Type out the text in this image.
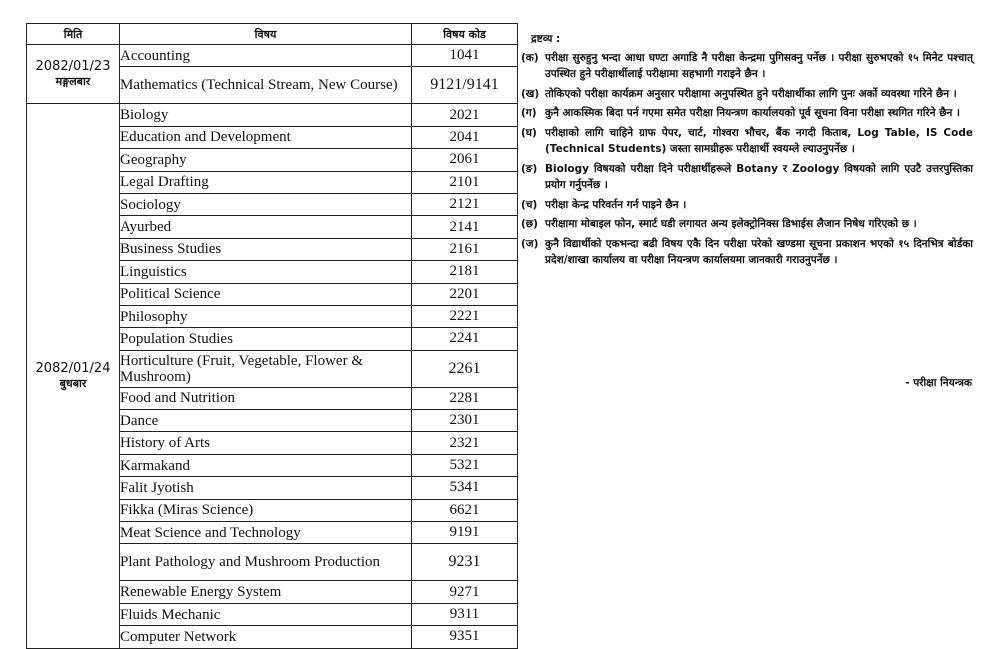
मिति	विषय	विषय कोड

2082/01/23
मङ्गलबार	Accounting	1041
	Mathematics (Technical Stream, New Course)	9121/9141

2082/01/24
बुधबार	Biology	2021
	Education and Development	2041
	Geography	2061
	Legal Drafting	2101
	Sociology	2121
	Ayurbed	2141
	Business Studies	2161
	Linguistics	2181
	Political Science	2201
	Philosophy	2221
	Population Studies	2241
	Horticulture (Fruit, Vegetable, Flower & Mushroom)	2261
	Food and Nutrition	2281
	Dance	2301
	History of Arts	2321
	Karmakand	5321
	Falit Jyotish	5341
	Fikka (Miras Science)	6621
	Meat Science and Technology	9191
	Plant Pathology and Mushroom Production	9231
	Renewable Energy System	9271
	Fluids Mechanic	9311
	Computer Network	9351
द्रष्टव्य :
(क) परीक्षा सुरुहुनु भन्दा आधा घण्टा अगाडि नै परीक्षा केन्द्रमा पुगिसक्नु पर्नेछ । परीक्षा सुरुभएको १५ मिनेट पश्चात् उपस्थित हुने परीक्षार्थीलाई परीक्षामा सहभागी गराइने छैन ।
(ख) तोकिएको परीक्षा कार्यक्रम अनुसार परीक्षामा अनुपस्थित हुने परीक्षार्थीका लागि पुनः अर्को व्यवस्था गरिने छैन ।
(ग) कुनै आकस्मिक बिदा पर्न गएमा समेत परीक्षा नियन्त्रण कार्यालयको पूर्व सूचना विना परीक्षा स्थगित गरिने छैन ।
(घ) परीक्षाको लागि चाहिने ग्राफ पेपर, चार्ट, गोश्वरा भौचर, बैंक नगदी किताब, Log Table, IS Code (Technical Students) जस्ता सामग्रीहरू परीक्षार्थी स्वयम्ले ल्याउनुपर्नेछ ।
(ङ) Biology विषयको परीक्षा दिने परीक्षार्थीहरूले Botany र Zoology विषयको लागि एउटै उत्तरपुस्तिका प्रयोग गर्नुपर्नेछ ।
(च) परीक्षा केन्द्र परिवर्तन गर्न पाइने छैन ।
(छ) परीक्षामा मोबाइल फोन, स्मार्ट घडी लगायत अन्य इलेक्ट्रोनिक्स डिभाईस लैजान निषेध गरिएको छ ।
(ज) कुनै विद्यार्थीको एकभन्दा बढी विषय एकै दिन परीक्षा परेको खण्डमा सूचना प्रकाशन भएको १५ दिनभित्र बोर्डका प्रदेश/शाखा कार्यालय वा परीक्षा नियन्त्रण कार्यालयमा जानकारी गराउनुपर्नेछ ।
- परीक्षा नियन्त्रक
